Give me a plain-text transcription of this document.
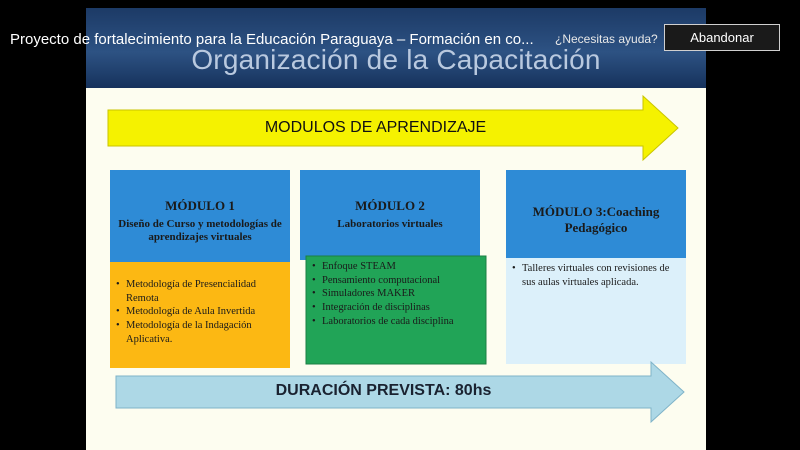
Organización de la Capacitación
MODULOS DE APRENDIZAJE
DURACIÓN PREVISTA: 80hs
MÓDULO 1
Diseño de Curso y metodologías de aprendizajes virtuales
• Metodología de Presencialidad Remota
• Metodología de Aula Invertida
• Metodología de la Indagación Aplicativa.
MÓDULO 2
Laboratorios virtuales
• Enfoque STEAM
• Pensamiento computacional
• Simuladores MAKER
• Integración de disciplinas
• Laboratorios de cada disciplina
MÓDULO 3:Coaching Pedagógico
• Talleres virtuales con revisiones de sus aulas virtuales aplicada.
Proyecto de fortalecimiento para la Educación Paraguaya – Formación en co... ¿Necesitas ayuda?	Abandonar
